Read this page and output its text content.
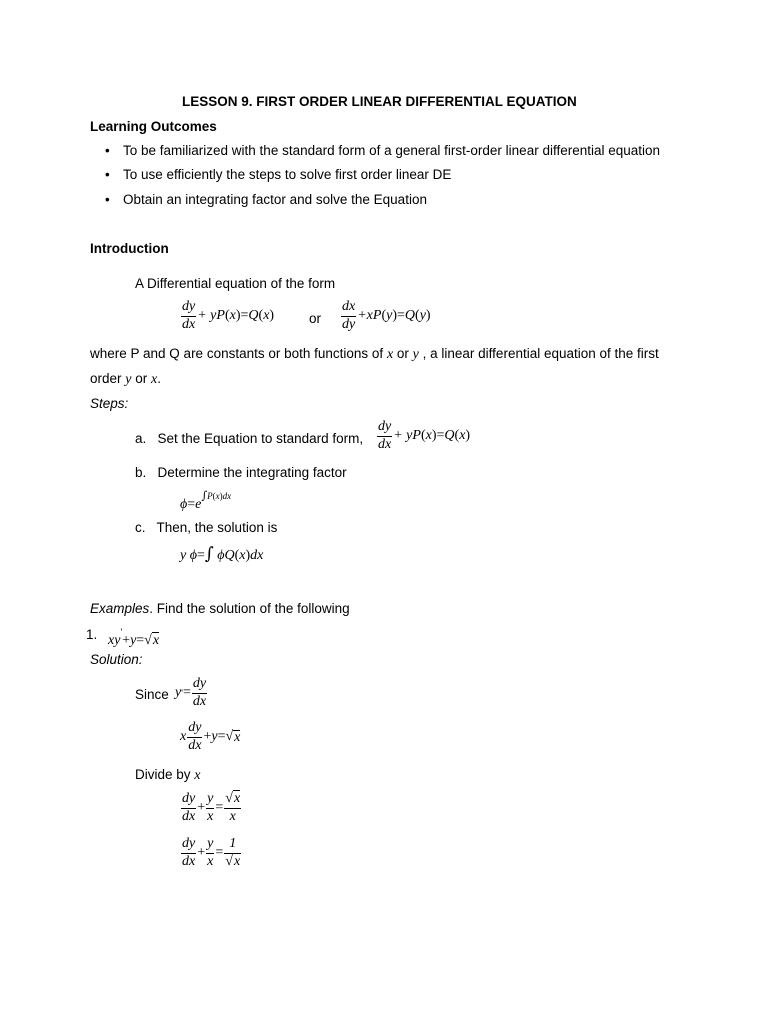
LESSON 9. FIRST ORDER LINEAR DIFFERENTIAL EQUATION
Learning Outcomes
• To be familiarized with the standard form of a general first-order linear differential equation
• To use efficiently the steps to solve first order linear DE
• Obtain an integrating factor and solve the Equation
Introduction
A Differential equation of the form
$\frac{dy}{dx}$ + yP ( x )= Q ( x )	or $\frac{dx}{dy} +xP$ ( y )= Q ( y )
where P and Q are constants or both functions of x or y , a linear differential equation of the first
order y or x.
Steps:
a.   Set the Equation to standard form, $\frac{dy}{dx}$ + yP ( x )= Q ( x )
b.   Determine the integrating factor
$\phi=e^{\int P(x)dx}$
c.   Then, the solution is
y ϕ=∫ ϕQ(x)dx
Examples. Find the solution of the following
1. xy'+y=√x
Solution:
Since y ' = $\frac{dy}{dx}$
x $\frac{dy}{dx} + y$ =√ x
Divide by x
$\frac{dy}{dx} + \frac{y}{x} = \frac{√x}{x}$
$\frac{dy}{dx} + \frac{y}{x} = \frac{1}{√x}$
